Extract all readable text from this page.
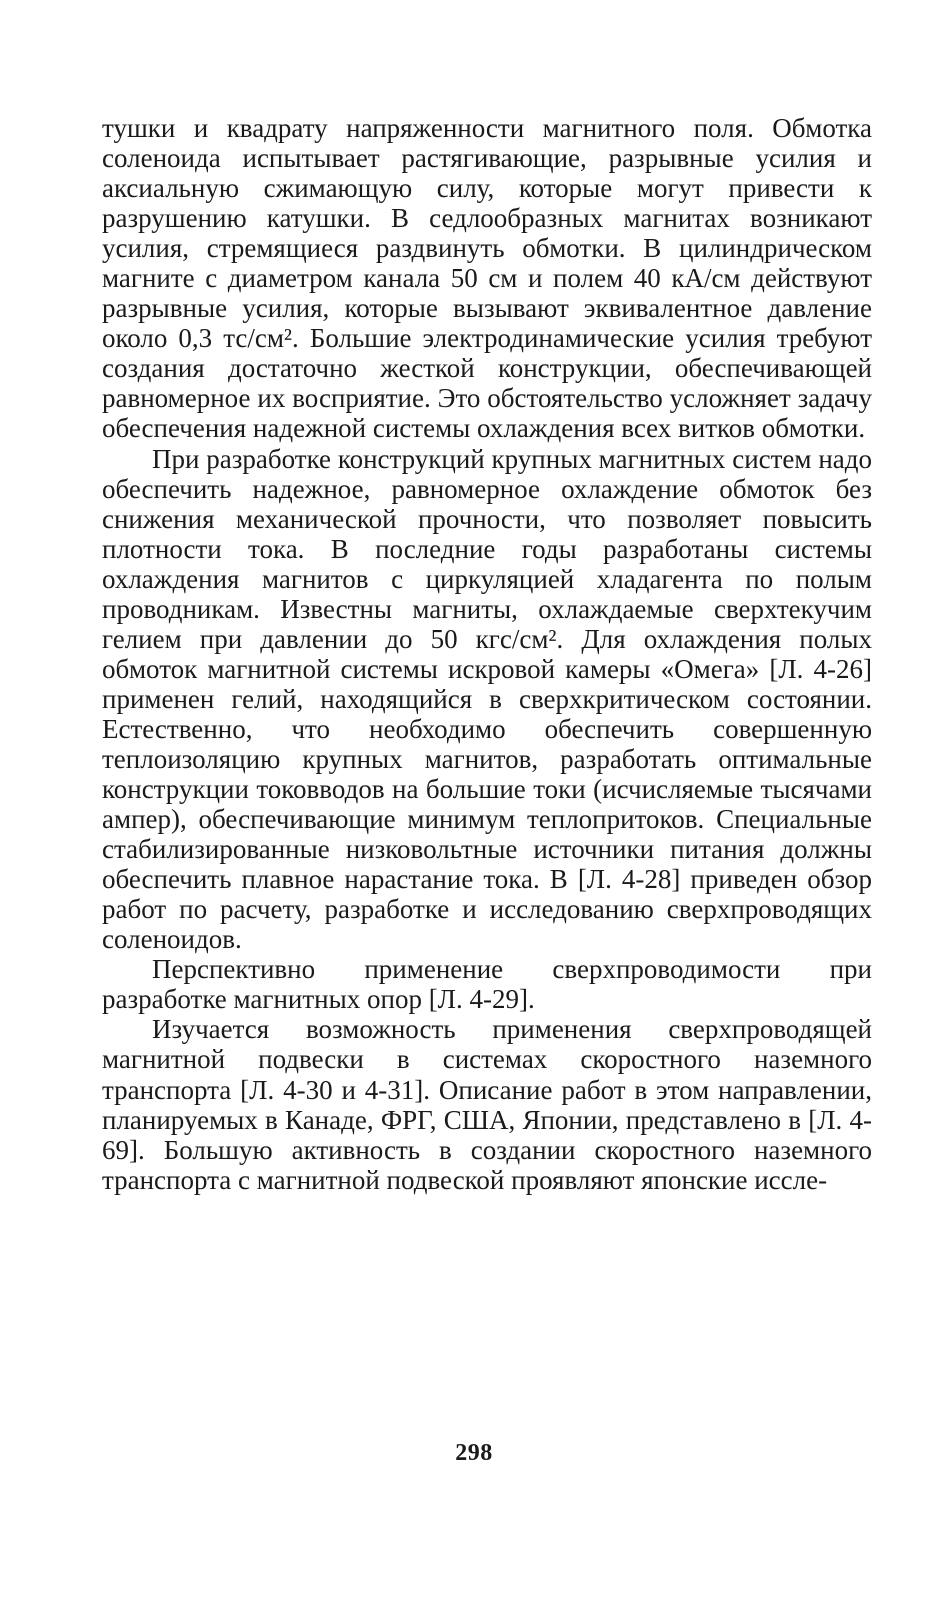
тушки и квадрату напряженности магнитного поля. Обмотка соленоида испытывает растягивающие, разрывные усилия и аксиальную сжимающую силу, которые могут привести к разрушению катушки. В седлообразных магнитах возникают усилия, стремящиеся раздвинуть обмотки. В цилиндрическом магните с диаметром канала 50 см и полем 40 кА/см действуют разрывные усилия, которые вызывают эквивалентное давление около 0,3 тс/см². Большие электродинамические усилия требуют создания достаточно жесткой конструкции, обеспечивающей равномерное их восприятие. Это обстоятельство усложняет задачу обеспечения надежной системы охлаждения всех витков обмотки.

При разработке конструкций крупных магнитных систем надо обеспечить надежное, равномерное охлаждение обмоток без снижения механической прочности, что позволяет повысить плотности тока. В последние годы разработаны системы охлаждения магнитов с циркуляцией хладагента по полым проводникам. Известны магниты, охлаждаемые сверхтекучим гелием при давлении до 50 кгс/см². Для охлаждения полых обмоток магнитной системы искровой камеры «Омега» [Л. 4-26] применен гелий, находящийся в сверхкритическом состоянии. Естественно, что необходимо обеспечить совершенную теплоизоляцию крупных магнитов, разработать оптимальные конструкции токовводов на большие токи (исчисляемые тысячами ампер), обеспечивающие минимум теплопритоков. Специальные стабилизированные низковольтные источники питания должны обеспечить плавное нарастание тока. В [Л. 4-28] приведен обзор работ по расчету, разработке и исследованию сверхпроводящих соленоидов.

Перспективно применение сверхпроводимости при разработке магнитных опор [Л. 4-29].

Изучается возможность применения сверхпроводящей магнитной подвески в системах скоростного наземного транспорта [Л. 4-30 и 4-31]. Описание работ в этом направлении, планируемых в Канаде, ФРГ, США, Японии, представлено в [Л. 4-69]. Большую активность в создании скоростного наземного транспорта с магнитной подвеской проявляют японские иссле-

298
